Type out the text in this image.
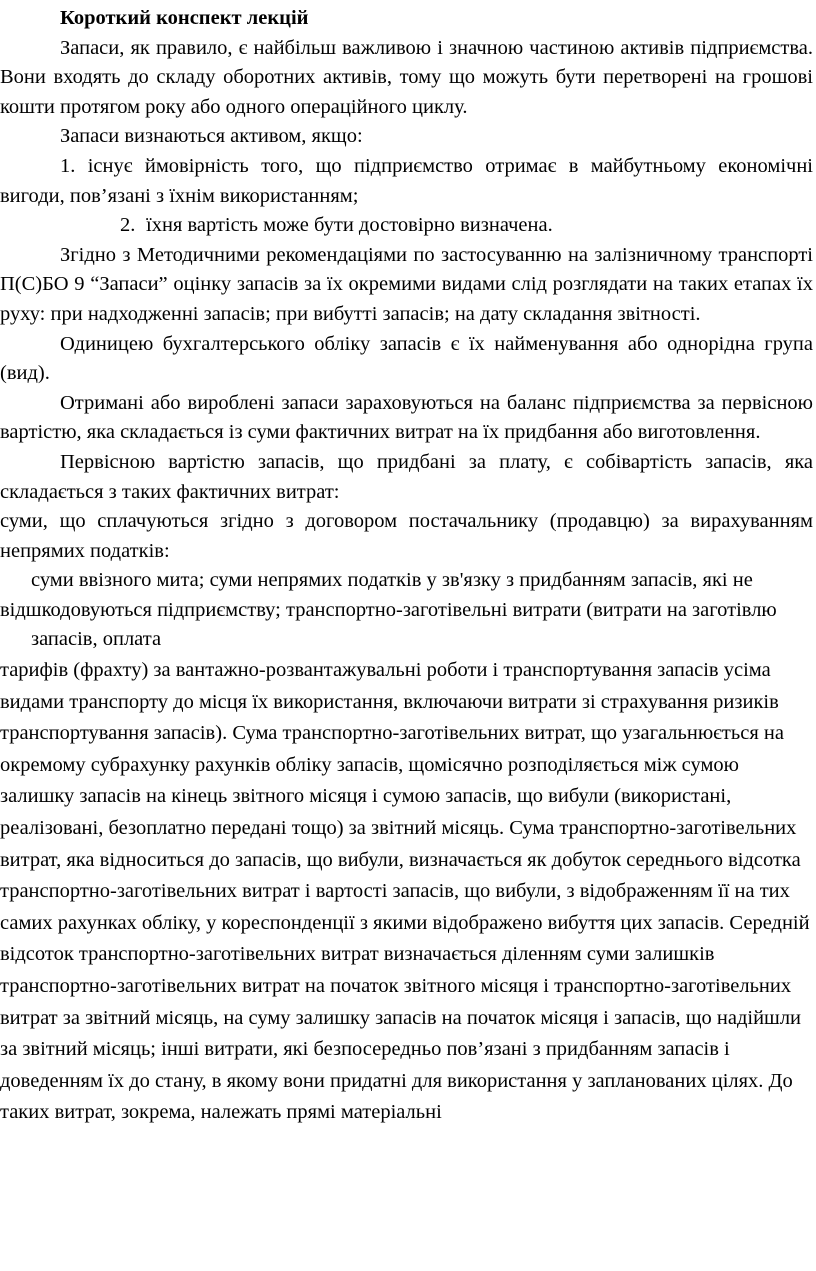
Короткий конспект лекцій

Запаси, як правило, є найбільш важливою і значною частиною активів підприємства. Вони входять до складу оборотних активів, тому що можуть бути перетворені на грошові кошти протягом року або одного операційного циклу.

Запаси визнаються активом, якщо:

1. існує ймовірність того, що підприємство отримає в майбутньому економічні вигоди, пов’язані з їхнім використанням;

2. їхня вартість може бути достовірно визначена.

Згідно з Методичними рекомендаціями по застосуванню на залізничному транспорті П(С)БО 9 “Запаси” оцінку запасів за їх окремими видами слід розглядати на таких етапах їх руху: при надходженні запасів; при вибутті запасів; на дату складання звітності.

Одиницею бухгалтерського обліку запасів є їх найменування або однорідна група (вид).

Отримані або вироблені запаси зараховуються на баланс підприємства за первісною вартістю, яка складається із суми фактичних витрат на їх придбання або виготовлення.

Первісною вартістю запасів, що придбані за плату, є собівартість запасів, яка складається з таких фактичних витрат:

суми, що сплачуються згідно з договором постачальнику (продавцю) за вирахуванням непрямих податків:

суми ввізного мита; суми непрямих податків у зв'язку з придбанням запасів, які не

відшкодовуються підприємству; транспортно-заготівельні витрати (витрати на заготівлю запасів, оплата

тарифів (фрахту) за вантажно-розвантажувальні роботи і транспортування запасів усіма видами транспорту до місця їх використання, включаючи витрати зі страхування ризиків транспортування запасів). Сума транспортно-заготівельних витрат, що узагальнюється на окремому субрахунку рахунків обліку запасів, щомісячно розподіляється між сумою залишку запасів на кінець звітного місяця і сумою запасів, що вибули (використані, реалізовані, безоплатно передані тощо) за звітний місяць. Сума транспортно-заготівельних витрат, яка відноситься до запасів, що вибули, визначається як добуток середнього відсотка транспортно-заготівельних витрат і вартості запасів, що вибули, з відображенням її на тих самих рахунках обліку, у кореспонденції з якими відображено вибуття цих запасів. Середній відсоток транспортно-заготівельних витрат визначається діленням суми залишків транспортно-заготівельних витрат на початок звітного місяця і транспортно-заготівельних витрат за звітний місяць, на суму залишку запасів на початок місяця і запасів, що надійшли за звітний місяць; інші витрати, які безпосередньо пов’язані з придбанням запасів і

доведенням їх до стану, в якому вони придатні для використання у запланованих цілях. До таких витрат, зокрема, належать прямі матеріальні
